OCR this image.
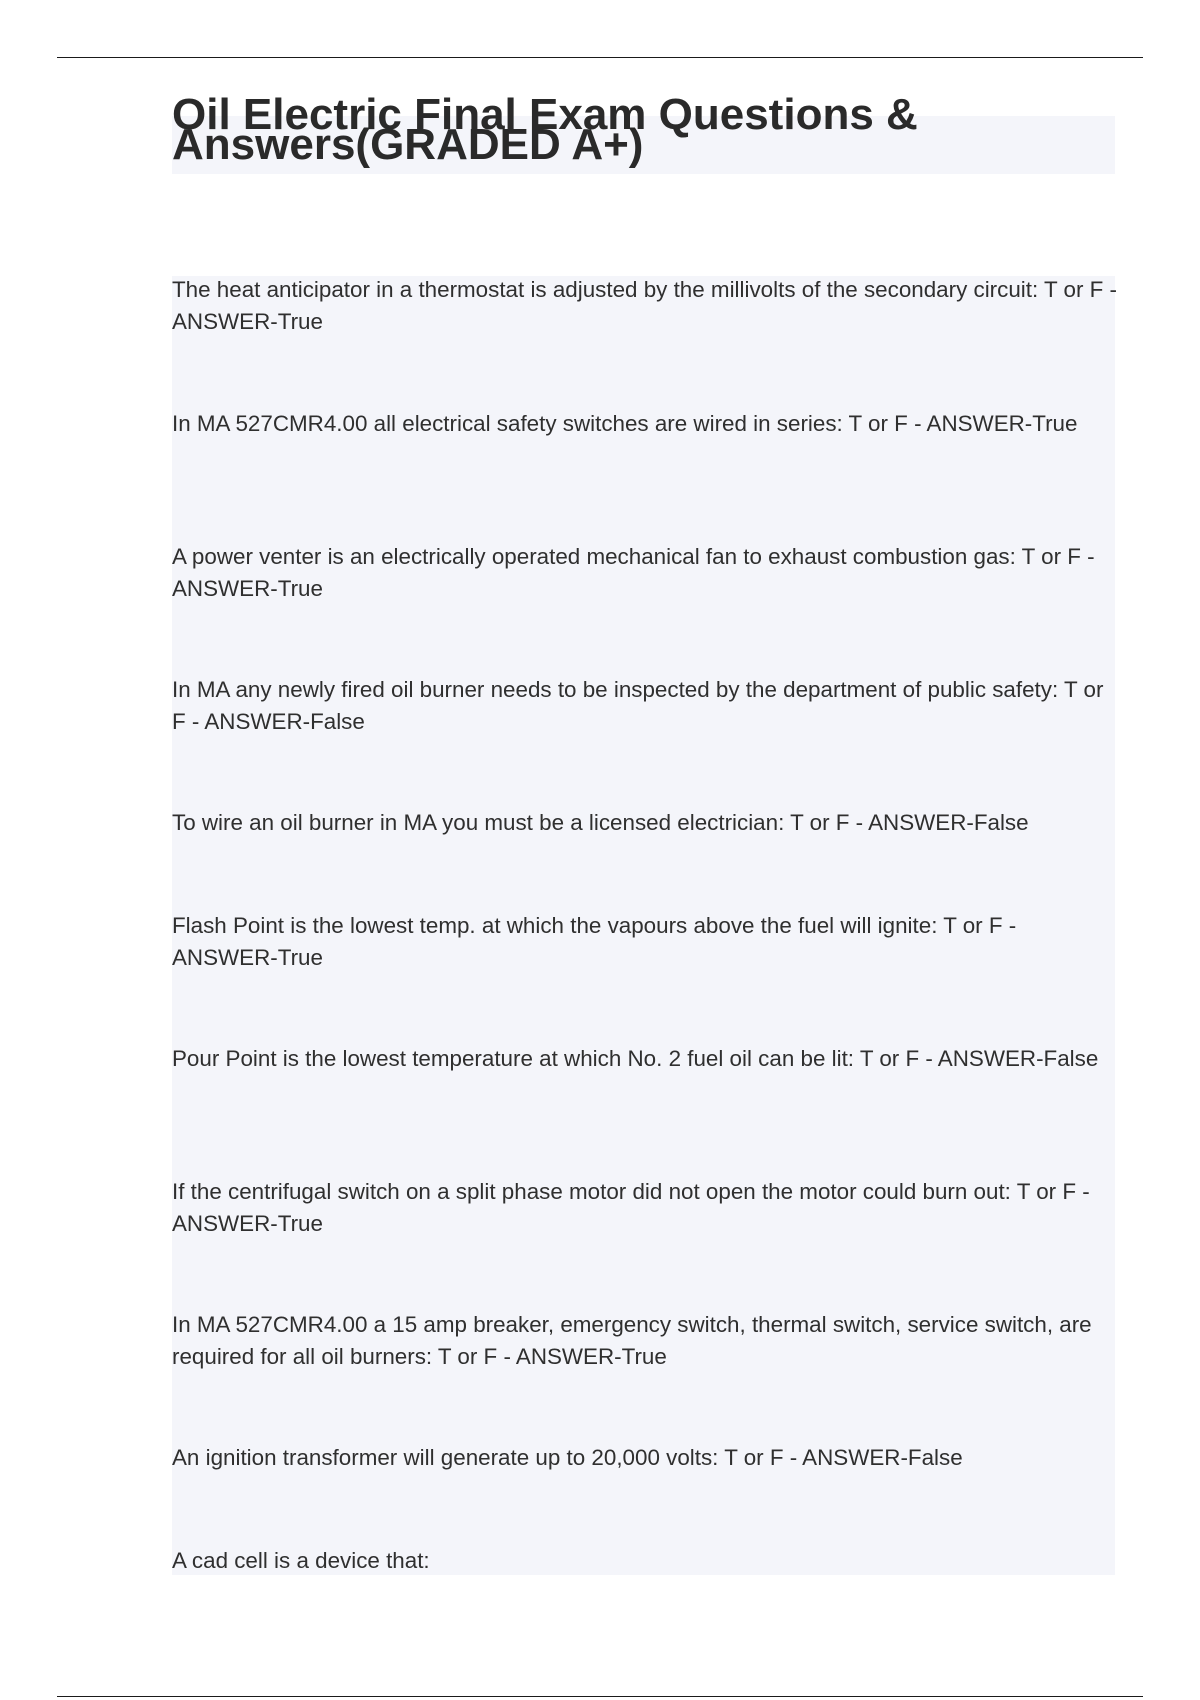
Oil Electric Final Exam Questions & Answers(GRADED A+)
The heat anticipator in a thermostat is adjusted by the millivolts of the secondary circuit: T or F - ANSWER-True
In MA 527CMR4.00 all electrical safety switches are wired in series: T or F - ANSWER-True
A power venter is an electrically operated mechanical fan to exhaust combustion gas: T or F - ANSWER-True
In MA any newly fired oil burner needs to be inspected by the department of public safety: T or F - ANSWER-False
To wire an oil burner in MA you must be a licensed electrician: T or F - ANSWER-False
Flash Point is the lowest temp. at which the vapours above the fuel will ignite: T or F - ANSWER-True
Pour Point is the lowest temperature at which No. 2 fuel oil can be lit: T or F - ANSWER-False
If the centrifugal switch on a split phase motor did not open the motor could burn out: T or F - ANSWER-True
In MA 527CMR4.00 a 15 amp breaker, emergency switch, thermal switch, service switch, are required for all oil burners: T or F - ANSWER-True
An ignition transformer will generate up to 20,000 volts: T or F - ANSWER-False
A cad cell is a device that:
